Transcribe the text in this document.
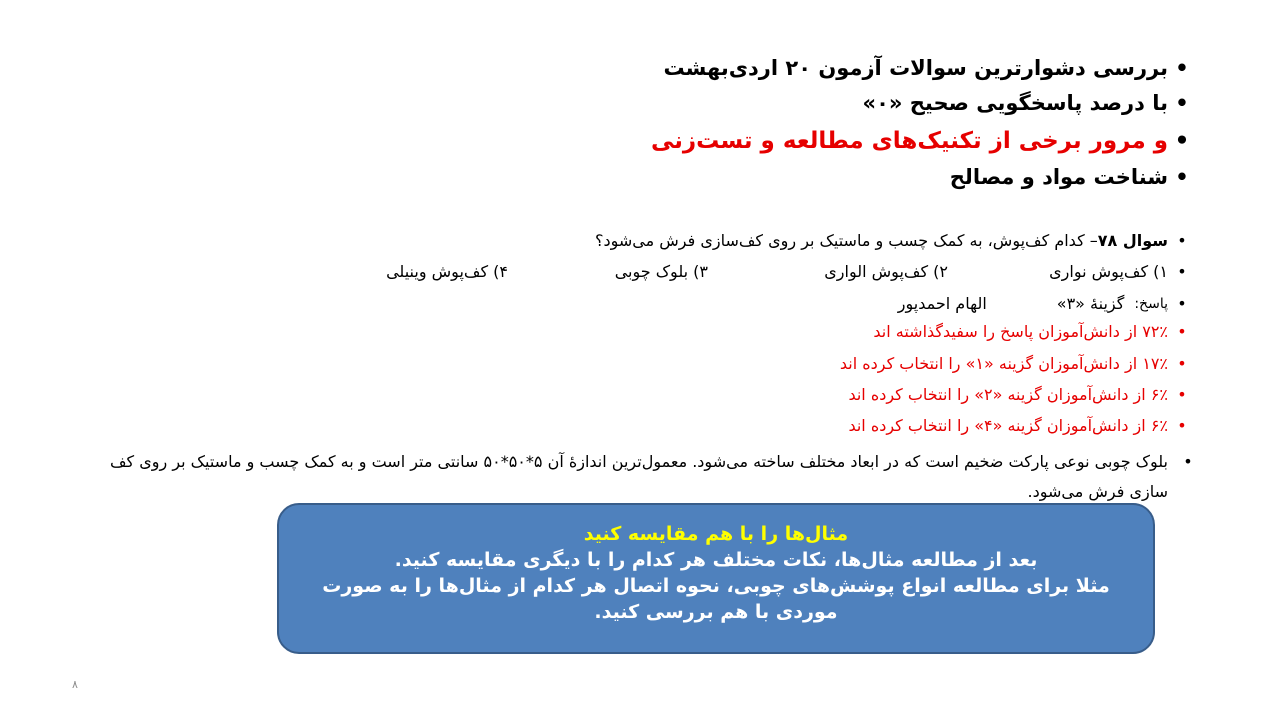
•
بررسی دشوارترین سوالات آزمون ۲۰ اردی‌بهشت
•
با درصد پاسخگویی صحیح «۰»
•
و مرور برخی از تکنیک‌های مطالعه و تست‌زنی
•
شناخت مواد و مصالح
•
سوال ۷۸
– کدام کف‌پوش، به کمک چسب و ماستیک بر روی کف‌سازی فرش می‌شود؟
•
۱) کف‌پوش نواری
۲) کف‌پوش الواری
۳) بلوک چوبی
۴) کف‌پوش وینیلی
•
پاسخ:
گزینهٔ «۳»
الهام احمدپور
•
۷۲٪ از دانش‌آموزان پاسخ را سفیدگذاشته اند
•
۱۷٪ از دانش‌آموزان گزینه «۱» را انتخاب کرده اند
•
۶٪ از دانش‌آموزان گزینه «۲» را انتخاب کرده اند
•
۶٪ از دانش‌آموزان گزینه «۴» را انتخاب کرده اند
•
بلوک چوبی نوعی پارکت ضخیم است که در ابعاد مختلف ساخته می‌شود. معمول‌ترین اندازهٔ آن ۵*۵۰*۵۰ سانتی متر است و به کمک چسب و ماستیک بر روی کف سازی فرش می‌شود.
مثال‌ها را با هم مقایسه کنید
بعد از مطالعه مثال‌ها، نکات مختلف هر کدام را با دیگری مقایسه کنید.
مثلا برای مطالعه انواع پوشش‌های چوبی، نحوه اتصال هر کدام از مثال‌ها را به صورت موردی با هم بررسی کنید.
۸
